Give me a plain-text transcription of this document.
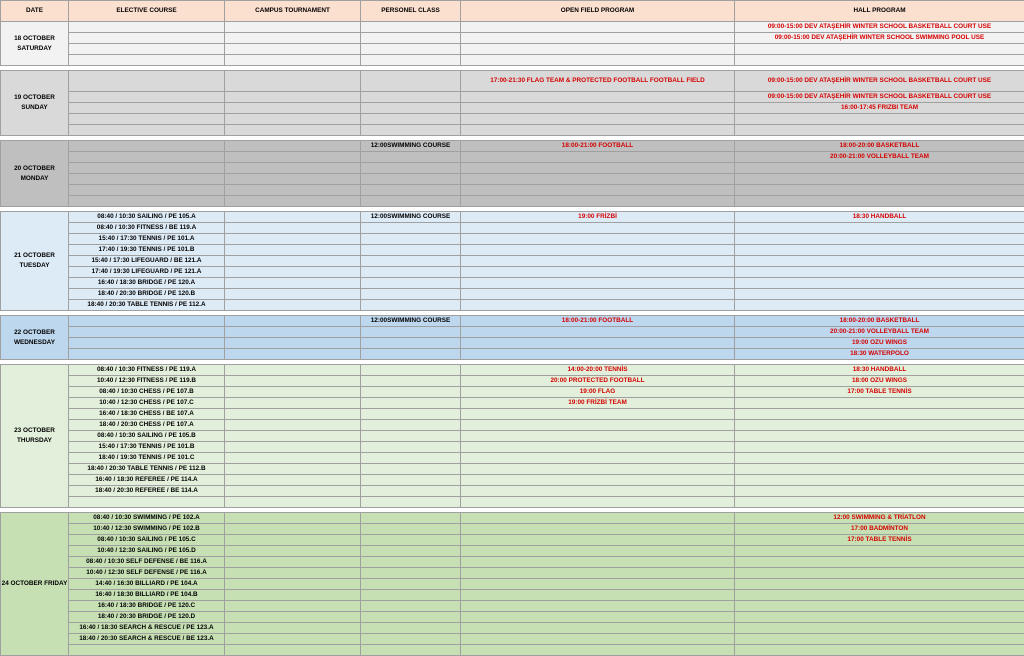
DATE	ELECTIVE COURSE	CAMPUS TOURNAMENT	PERSONEL CLASS	OPEN FIELD PROGRAM	HALL PROGRAM
18 OCTOBER SATURDAY					09:00-15:00 DEV ATAŞEHİR WINTER SCHOOL BASKETBALL COURT USE
					09:00-15:00 DEV ATAŞEHİR WINTER SCHOOL SWIMMING POOL USE

19 OCTOBER SUNDAY				17:00-21:30 FLAG TEAM & PROTECTED FOOTBALL FOOTBALL FIELD	09:00-15:00 DEV ATAŞEHİR WINTER SCHOOL BASKETBALL COURT USE
					09:00-15:00 DEV ATAŞEHİR WINTER SCHOOL BASKETBALL COURT USE
					16:00-17:45 FRIZBI TEAM

20 OCTOBER MONDAY			12:00SWIMMING COURSE	18:00-21:00 FOOTBALL	18:00-20:00 BASKETBALL
					20:00-21:00 VOLLEYBALL TEAM

21 OCTOBER TUESDAY	08:40 / 10:30 SAILING / PE 105.A		12:00SWIMMING COURSE	19:00 FRİZBİ	18:30 HANDBALL
	08:40 / 10:30 FITNESS / BE 119.A				
	15:40 / 17:30 TENNIS / PE 101.A				
	17:40 / 19:30 TENNIS / PE 101.B				
	15:40 / 17:30 LIFEGUARD / BE 121.A				
	17:40 / 19:30 LIFEGUARD / PE 121.A				
	16:40 / 18:30 BRIDGE / PE 120.A				
	18:40 / 20:30 BRIDGE / PE 120.B				
	18:40 / 20:30 TABLE TENNIS / PE 112.A				

22 OCTOBER WEDNESDAY			12:00SWIMMING COURSE	18:00-21:00 FOOTBALL	18:00-20:00 BASKETBALL
					20:00-21:00 VOLLEYBALL TEAM
					19:00 OZU WINGS
					18:30 WATERPOLO

23 OCTOBER THURSDAY	08:40 / 10:30 FITNESS / PE 119.A			14:00-20:00 TENNİS	18:30 HANDBALL
	10:40 / 12:30 FITNESS / PE 119.B			20:00 PROTECTED FOOTBALL	18:00 OZU WINGS
	08:40 / 10:30 CHESS / PE 107.B			19:00 FLAG	17:00 TABLE TENNİS
	10:40 / 12:30 CHESS / PE 107.C			19:00 FRİZBİ TEAM	
	16:40 / 18:30 CHESS / BE 107.A				
	18:40 / 20:30 CHESS / PE 107.A				
	08:40 / 10:30 SAILING / PE 105.B				
	15:40 / 17:30 TENNIS / PE 101.B				
	18:40 / 19:30 TENNIS / PE 101.C				
	18:40 / 20:30 TABLE TENNIS / PE 112.B				
	16:40 / 18:30 REFEREE / PE 114.A				
	18:40 / 20:30 REFEREE / BE 114.A				

24 OCTOBER FRIDAY	08:40 / 10:30 SWIMMING / PE 102.A				12:00 SWIMMING & TRİATLON
	10:40 / 12:30 SWIMMING / PE 102.B				17:00 BADMİNTON
	08:40 / 10:30 SAILING / PE 105.C				17:00 TABLE TENNİS
	10:40 / 12:30 SAILING / PE 105.D				
	08:40 / 10:30 SELF DEFENSE / BE 116.A				
	10:40 / 12:30 SELF DEFENSE / PE 116.A				
	14:40 / 16:30 BILLIARD / PE 104.A				
	16:40 / 18:30 BILLIARD / PE 104.B				
	16:40 / 18:30 BRIDGE / PE 120.C				
	18:40 / 20:30 BRIDGE / PE 120.D				
	16:40 / 18:30 SEARCH & RESCUE / PE 123.A				
	18:40 / 20:30 SEARCH & RESCUE / BE 123.A				
